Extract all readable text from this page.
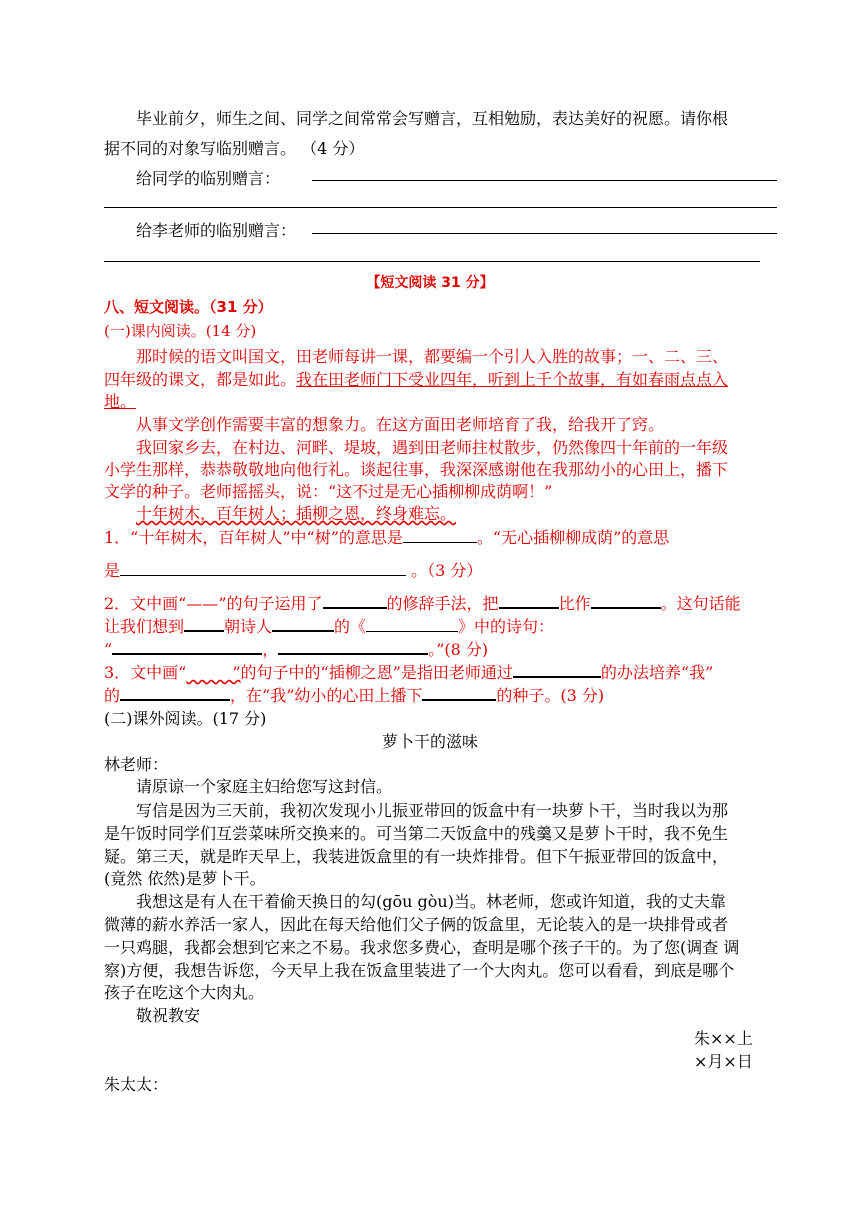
毕业前夕，师生之间、同学之间常常会写赠言，互相勉励，表达美好的祝愿。请你根
据不同的对象写临别赠言。 （4 分）
给同学的临别赠言：
给李老师的临别赠言：
【短文阅读 31 分】
八、短文阅读。（31 分）
(一)课内阅读。(14 分)
那时候的语文叫国文，田老师每讲一课，都要编一个引人入胜的故事；一、二、三、
四年级的课文，都是如此。我在田老师门下受业四年，听到上千个故事，有如春雨点点入
地。
从事文学创作需要丰富的想象力。在这方面田老师培育了我，给我开了窍。
我回家乡去，在村边、河畔、堤坡，遇到田老师拄杖散步，仍然像四十年前的一年级
小学生那样，恭恭敬敬地向他行礼。谈起往事，我深深感谢他在我那幼小的心田上，播下
文学的种子。老师摇摇头，说：“这不过是无心插柳柳成荫啊！”
十年树木，百年树人；插柳之恩，终身难忘。
1．“十年树木，百年树人”中“树”的意思是	。“无心插柳柳成荫”的意思
是	。（3 分）
2．文中画“——”的句子运用了	的修辞手法，把	比作	。这句话能
让我们想到	朝诗人	的《	》中的诗句：
“	，	。”(8 分)
3．文中画“	”的句子中的“插柳之恩”是指田老师通过	的办法培养“我”
的	，在“我”幼小的心田上播下	的种子。(3 分)
(二)课外阅读。(17 分)
萝卜干的滋味
林老师：
请原谅一个家庭主妇给您写这封信。
写信是因为三天前，我初次发现小儿振亚带回的饭盒中有一块萝卜干，当时我以为那
是午饭时同学们互尝菜味所交换来的。可当第二天饭盒中的残羹又是萝卜干时，我不免生
疑。第三天，就是昨天早上，我装进饭盒里的有一块炸排骨。但下午振亚带回的饭盒中，
(竟然 依然)是萝卜干。
我想这是有人在干着偷天换日的勾(gōu gòu)当。林老师，您或许知道，我的丈夫靠
微薄的薪水养活一家人，因此在每天给他们父子俩的饭盒里，无论装入的是一块排骨或者
一只鸡腿，我都会想到它来之不易。我求您多费心，查明是哪个孩子干的。为了您(调查 调
察)方便，我想告诉您，今天早上我在饭盒里装进了一个大肉丸。您可以看看，到底是哪个
孩子在吃这个大肉丸。
敬祝教安
朱××上
×月×日
朱太太：
